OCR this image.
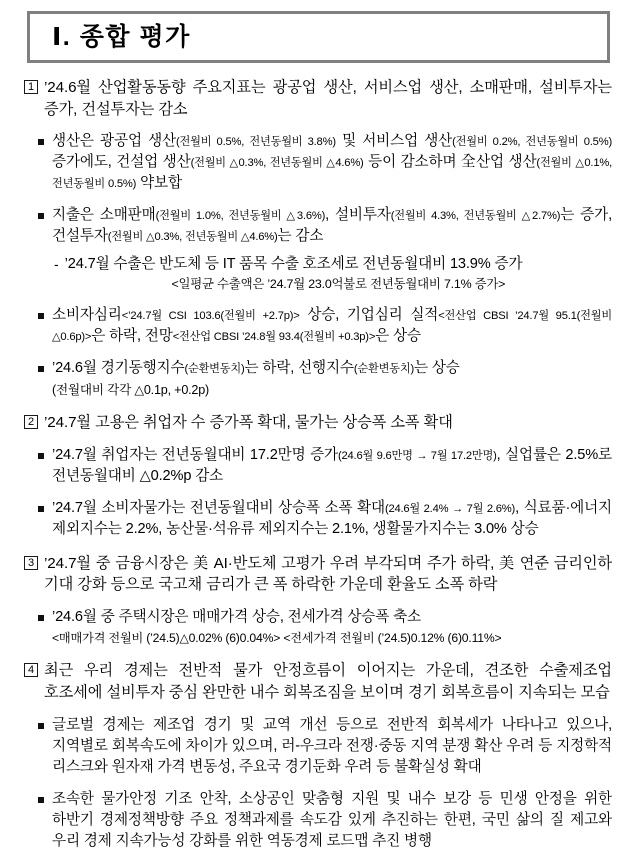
Ⅰ. 종합 평가
1 ’24.6월 산업활동동향 주요지표는 광공업 생산, 서비스업 생산, 소매판매, 설비투자는 증가, 건설투자는 감소
생산은 광공업 생산(전월비 0.5%, 전년동월비 3.8%) 및 서비스업 생산(전월비 0.2%, 전년동월비 0.5%) 증가에도, 건설업 생산(전월비 △0.3%, 전년동월비 △4.6%) 등이 감소하며 全산업 생산(전월비 △0.1%, 전년동월비 0.5%) 약보합
지출은 소매판매(전월비 1.0%, 전년동월비 △3.6%), 설비투자(전월비 4.3%, 전년동월비 △2.7%)는 증가, 건설투자(전월비 △0.3%, 전년동월비 △4.6%)는 감소
- ’24.7월 수출은 반도체 등 IT 품목 수출 호조세로 전년동월대비 13.9% 증가
<일평균 수출액은 ’24.7월 23.0억불로 전년동월대비 7.1% 증가>
소비자심리<’24.7월 CSI 103.6(전월비 +2.7p)> 상승, 기업심리 실적<전산업 CBSI ’24.7월 95.1(전월비 △0.6p)>은 하락, 전망<전산업 CBSI ’24.8월 93.4(전월비 +0.3p)>은 상승
’24.6월 경기동행지수(순환변동치)는 하락, 선행지수(순환변동치)는 상승
(전월대비 각각 △0.1p, +0.2p)
2 ’24.7월 고용은 취업자 수 증가폭 확대, 물가는 상승폭 소폭 확대
’24.7월 취업자는 전년동월대비 17.2만명 증가(24.6월 9.6만명 → 7월 17.2만명), 실업률은 2.5%로 전년동월대비 △0.2%p 감소
’24.7월 소비자물가는 전년동월대비 상승폭 소폭 확대(24.6월 2.4% → 7월 2.6%), 식료품·에너지 제외지수는 2.2%, 농산물·석유류 제외지수는 2.1%, 생활물가지수는 3.0% 상승
3 ’24.7월 중 금융시장은 美 AI·반도체 고평가 우려 부각되며 주가 하락, 美 연준 금리인하 기대 강화 등으로 국고채 금리가 큰 폭 하락한 가운데 환율도 소폭 하락
’24.6월 중 주택시장은 매매가격 상승, 전세가격 상승폭 축소
<매매가격 전월비 (’24.5)△0.02% (6)0.04%> <전세가격 전월비 (’24.5)0.12% (6)0.11%>
4 최근 우리 경제는 전반적 물가 안정흐름이 이어지는 가운데, 견조한 수출제조업 호조세에 설비투자 중심 완만한 내수 회복조짐을 보이며 경기 회복흐름이 지속되는 모습
글로벌 경제는 제조업 경기 및 교역 개선 등으로 전반적 회복세가 나타나고 있으나, 지역별로 회복속도에 차이가 있으며, 러-우크라 전쟁·중동 지역 분쟁 확산 우려 등 지정학적 리스크와 원자재 가격 변동성, 주요국 경기둔화 우려 등 불확실성 확대
조속한 물가안정 기조 안착, 소상공인 맞춤형 지원 및 내수 보강 등 민생 안정을 위한 하반기 경제정책방향 주요 정책과제를 속도감 있게 추진하는 한편, 국민 삶의 질 제고와 우리 경제 지속가능성 강화를 위한 역동경제 로드맵 추진 병행
